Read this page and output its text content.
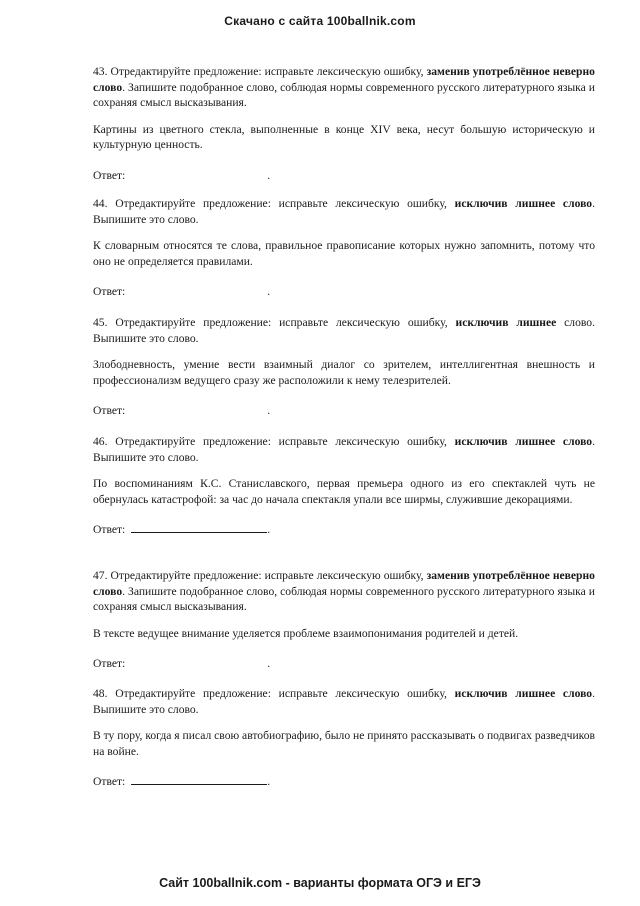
Скачано с сайта 100ballnik.com

43. Отредактируйте предложение: исправьте лексическую ошибку, заменив употреблённое неверно слово. Запишите подобранное слово, соблюдая нормы современного русского литературного языка и сохраняя смысл высказывания.

Картины из цветного стекла, выполненные в конце XIV века, несут большую историческую и культурную ценность.

Ответ:	.

44. Отредактируйте предложение: исправьте лексическую ошибку, исключив лишнее слово. Выпишите это слово.

К словарным относятся те слова, правильное правописание которых нужно запомнить, потому что оно не определяется правилами.

Ответ:	.

45. Отредактируйте предложение: исправьте лексическую ошибку, исключив лишнее слово. Выпишите это слово.

Злободневность, умение вести взаимный диалог со зрителем, интеллигентная внешность и профессионализм ведущего сразу же расположили к нему телезрителей.

Ответ:	.

46. Отредактируйте предложение: исправьте лексическую ошибку, исключив лишнее слово. Выпишите это слово.

По воспоминаниям К.С. Станиславского, первая премьера одного из его спектаклей чуть не обернулась катастрофой: за час до начала спектакля упали все ширмы, служившие декорациями.

Ответ:	.

47. Отредактируйте предложение: исправьте лексическую ошибку, заменив употреблённое неверно слово. Запишите подобранное слово, соблюдая нормы современного русского литературного языка и сохраняя смысл высказывания.

В тексте ведущее внимание уделяется проблеме взаимопонимания родителей и детей.

Ответ:	.

48. Отредактируйте предложение: исправьте лексическую ошибку, исключив лишнее слово. Выпишите это слово.

В ту пору, когда я писал свою автобиографию, было не принято рассказывать о подвигах разведчиков на войне.

Ответ:	.

Сайт 100ballnik.com - варианты формата ОГЭ и ЕГЭ
